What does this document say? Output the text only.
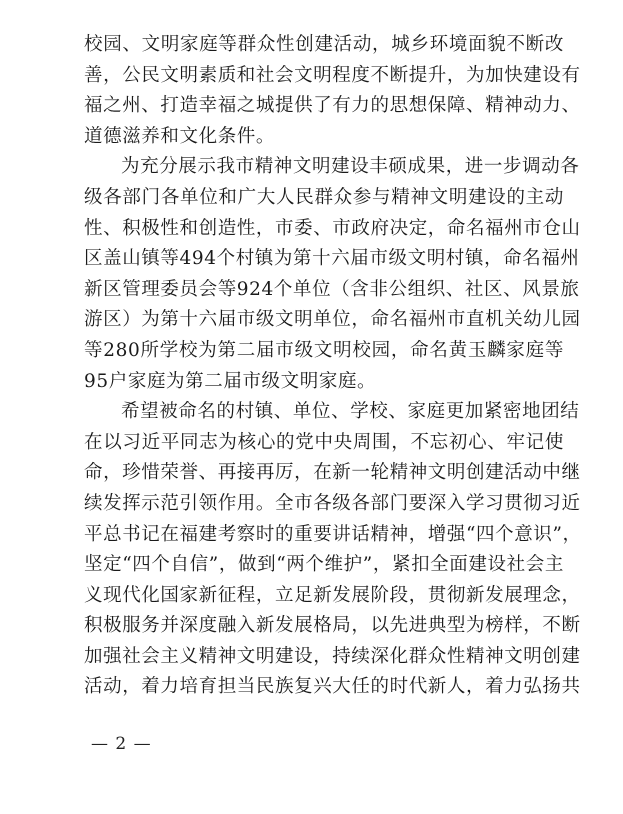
校园、文明家庭等群众性创建活动，城乡环境面貌不断改
善，公民文明素质和社会文明程度不断提升，为加快建设有
福之州、打造幸福之城提供了有力的思想保障、精神动力、
道德滋养和文化条件。
为充分展示我市精神文明建设丰硕成果，进一步调动各
级各部门各单位和广大人民群众参与精神文明建设的主动
性、积极性和创造性，市委、市政府决定，命名福州市仓山
区盖山镇等494个村镇为第十六届市级文明村镇，命名福州
新区管理委员会等924个单位（含非公组织、社区、风景旅
游区）为第十六届市级文明单位，命名福州市直机关幼儿园
等280所学校为第二届市级文明校园，命名黄玉麟家庭等
95户家庭为第二届市级文明家庭。
希望被命名的村镇、单位、学校、家庭更加紧密地团结
在以习近平同志为核心的党中央周围，不忘初心、牢记使
命，珍惜荣誉、再接再厉，在新一轮精神文明创建活动中继
续发挥示范引领作用。全市各级各部门要深入学习贯彻习近
平总书记在福建考察时的重要讲话精神，增强“四个意识”，
坚定“四个自信”，做到“两个维护”，紧扣全面建设社会主
义现代化国家新征程，立足新发展阶段，贯彻新发展理念，
积极服务并深度融入新发展格局，以先进典型为榜样，不断
加强社会主义精神文明建设，持续深化群众性精神文明创建
活动，着力培育担当民族复兴大任的时代新人，着力弘扬共
— 2 —
